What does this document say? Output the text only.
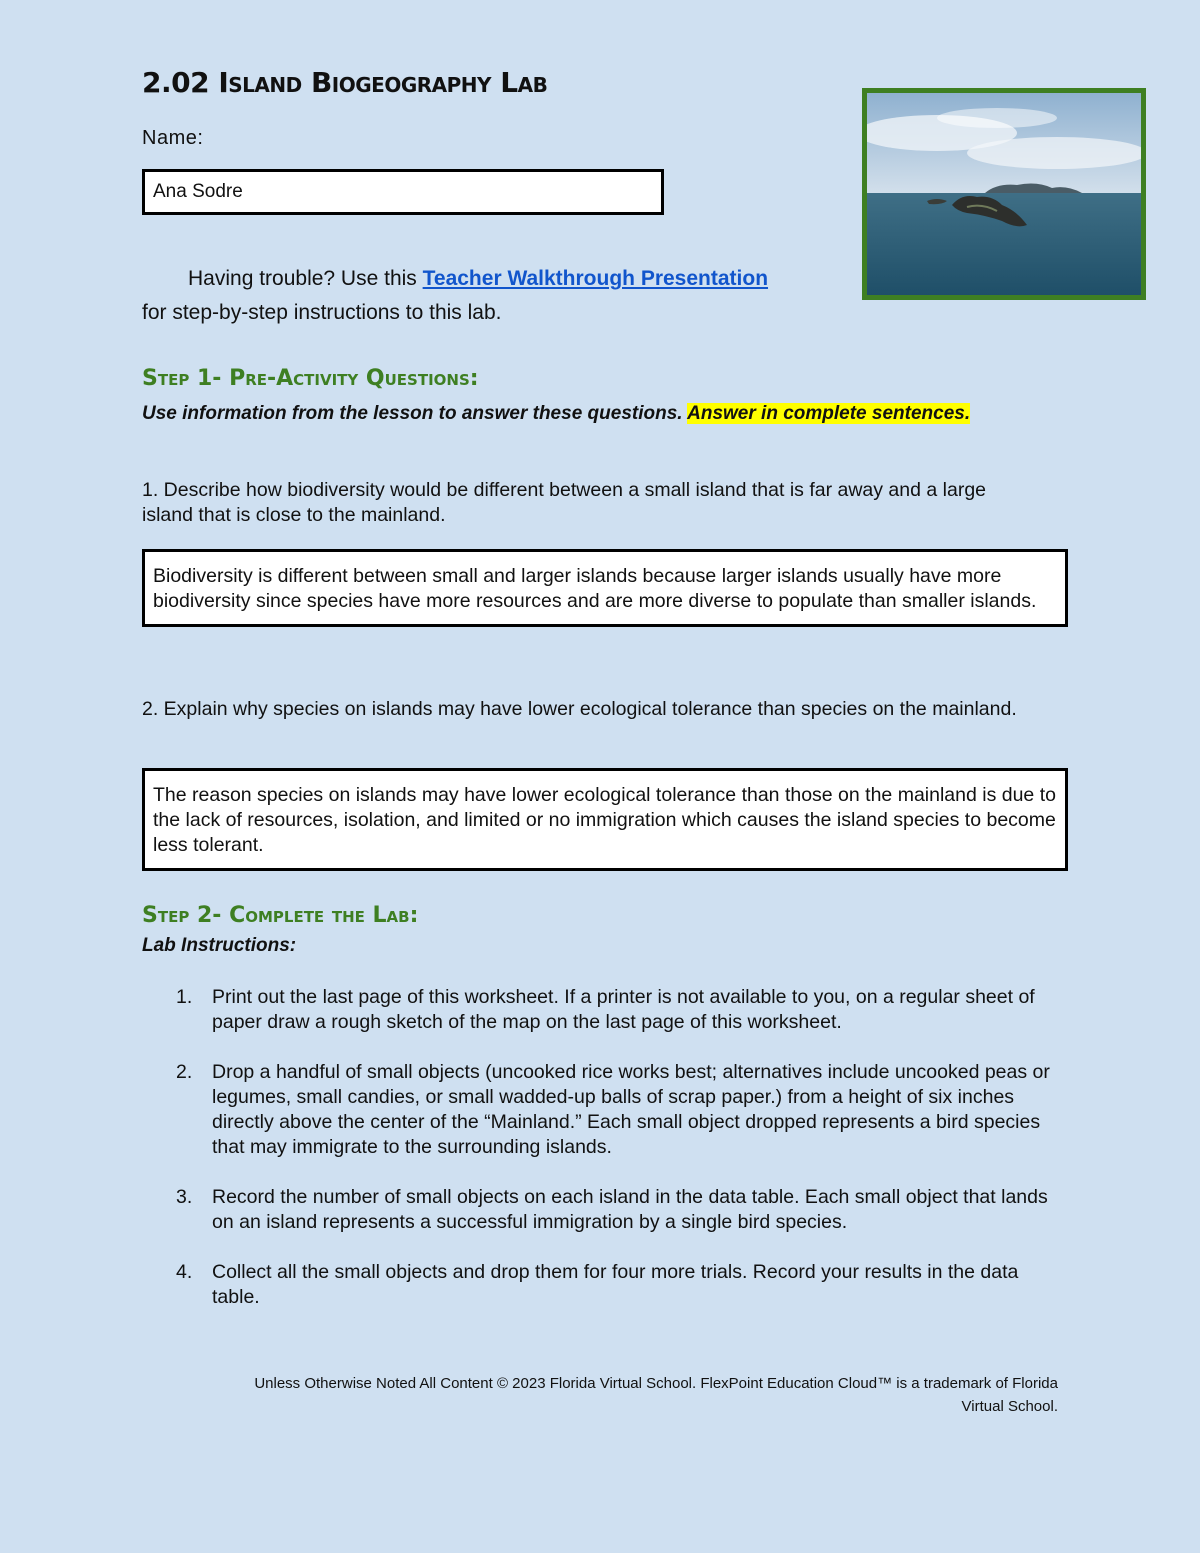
2.02 Island Biogeography Lab
Name:
Ana Sodre
Having trouble? Use this Teacher Walkthrough Presentation
for step-by-step instructions to this lab.
Step 1- Pre-Activity Questions:
Use information from the lesson to answer these questions. Answer in complete sentences.
1. Describe how biodiversity would be different between a small island that is far away and a large island that is close to the mainland.
Biodiversity is different between small and larger islands because larger islands usually have more biodiversity since species have more resources and are more diverse to populate than smaller islands.
2. Explain why species on islands may have lower ecological tolerance than species on the mainland.
The reason species on islands may have lower ecological tolerance than those on the mainland is due to the lack of resources, isolation, and limited or no immigration which causes the island species to become less tolerant.
Step 2- Complete the Lab:
Lab Instructions:
1. Print out the last page of this worksheet. If a printer is not available to you, on a regular sheet of paper draw a rough sketch of the map on the last page of this worksheet.
2. Drop a handful of small objects (uncooked rice works best; alternatives include uncooked peas or legumes, small candies, or small wadded-up balls of scrap paper.) from a height of six inches directly above the center of the “Mainland.” Each small object dropped represents a bird species that may immigrate to the surrounding islands.
3. Record the number of small objects on each island in the data table. Each small object that lands on an island represents a successful immigration by a single bird species.
4. Collect all the small objects and drop them for four more trials. Record your results in the data table.
Unless Otherwise Noted All Content © 2023 Florida Virtual School. FlexPoint Education Cloud™ is a trademark of Florida
Virtual School.
